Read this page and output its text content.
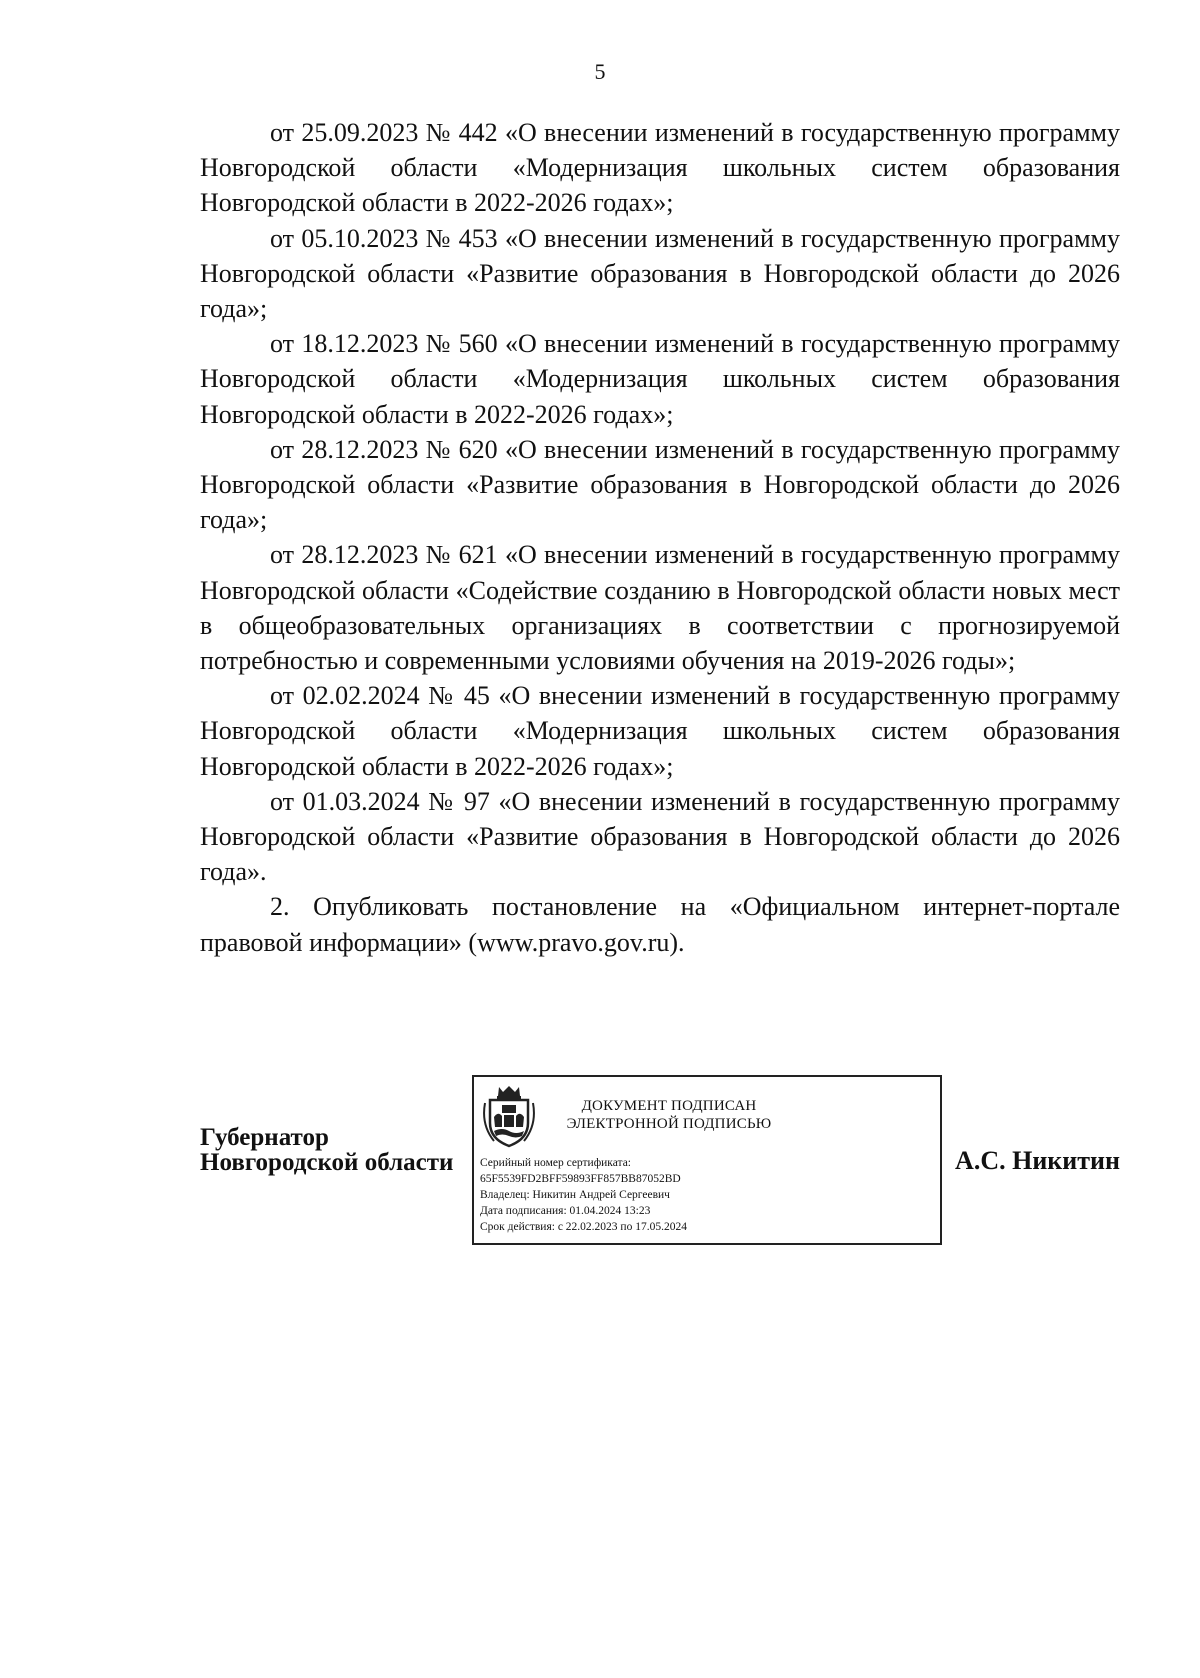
5

от 25.09.2023 № 442 «О внесении изменений в государственную программу Новгородской области «Модернизация школьных систем образования Новгородской области в 2022-2026 годах»;

от 05.10.2023 № 453 «О внесении изменений в государственную программу Новгородской области «Развитие образования в Новгородской области до 2026 года»;

от 18.12.2023 № 560 «О внесении изменений в государственную программу Новгородской области «Модернизация школьных систем образования Новгородской области в 2022-2026 годах»;

от 28.12.2023 № 620 «О внесении изменений в государственную программу Новгородской области «Развитие образования в Новгородской области до 2026 года»;

от 28.12.2023 № 621 «О внесении изменений в государственную программу Новгородской области «Содействие созданию в Новгородской области новых мест в общеобразовательных организациях в соответствии с прогнозируемой потребностью и современными условиями обучения на 2019-2026 годы»;

от 02.02.2024 № 45 «О внесении изменений в государственную программу Новгородской области «Модернизация школьных систем образования Новгородской области в 2022-2026 годах»;

от 01.03.2024 № 97 «О внесении изменений в государственную программу Новгородской области «Развитие образования в Новгородской области до 2026 года».

2. Опубликовать постановление на «Официальном интернет-портале правовой информации» (www.pravo.gov.ru).

Губернатор
Новгородской области
ДОКУМЕНТ ПОДПИСАН
ЭЛЕКТРОННОЙ ПОДПИСЬЮ
Серийный номер сертификата:
65F5539FD2BFF59893FF857BB87052BD
Владелец: Никитин Андрей Сергеевич
Дата подписания: 01.04.2024 13:23
Срок действия: с 22.02.2023 по 17.05.2024
А.С. Никитин
